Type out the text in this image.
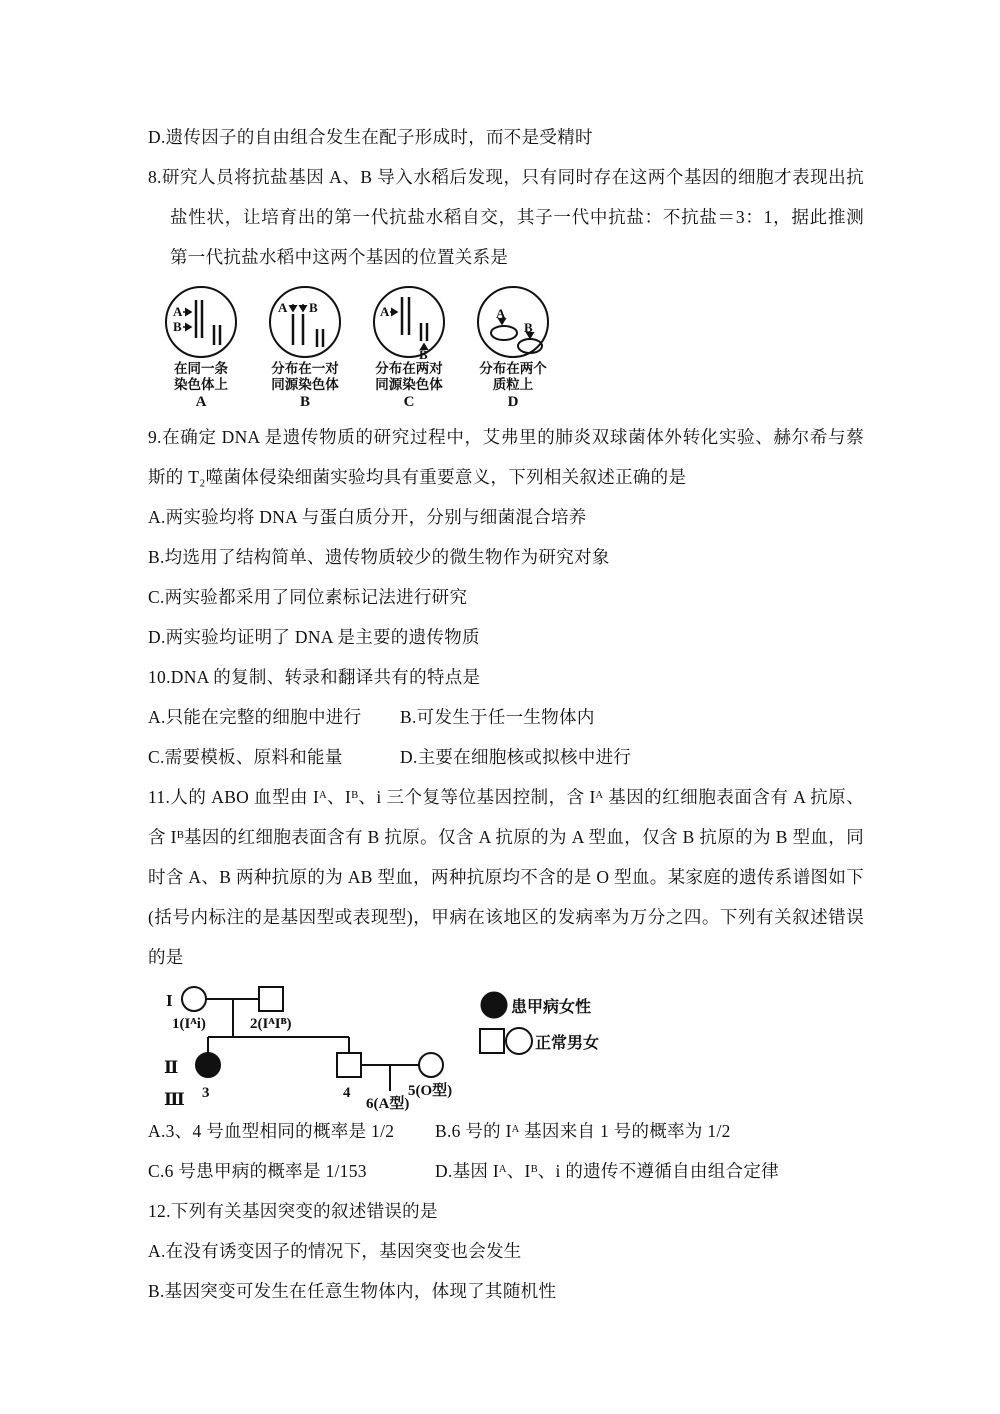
D.遗传因子的自由组合发生在配子形成时，而不是受精时

8.研究人员将抗盐基因 A、B 导入水稻后发现，只有同时存在这两个基因的细胞才表现出抗盐性状，让培育出的第一代抗盐水稻自交，其子一代中抗盐：不抗盐＝3：1，据此推测第一代抗盐水稻中这两个基因的位置关系是

A
B
在同一条
染色体上
A
A B
分布在一对
同源染色体
B
A
B
分布在两对
同源染色体
C
A
B
分布在两个
质粒上
D

9.在确定 DNA 是遗传物质的研究过程中，艾弗里的肺炎双球菌体外转化实验、赫尔希与蔡斯的 T₂噬菌体侵染细菌实验均具有重要意义，下列相关叙述正确的是

A.两实验均将 DNA 与蛋白质分开，分别与细菌混合培养

B.均选用了结构简单、遗传物质较少的微生物作为研究对象

C.两实验都采用了同位素标记法进行研究

D.两实验均证明了 DNA 是主要的遗传物质

10.DNA 的复制、转录和翻译共有的特点是

A.只能在完整的细胞中进行	B.可发生于任一生物体内
C.需要模板、原料和能量	D.主要在细胞核或拟核中进行

11.人的 ABO 血型由 Iᴬ、Iᴮ、i 三个复等位基因控制，含 Iᴬ 基因的红细胞表面含有 A 抗原、含 Iᴮ基因的红细胞表面含有 B 抗原。仅含 A 抗原的为 A 型血，仅含 B 抗原的为 B 型血，同时含 A、B 两种抗原的为 AB 型血，两种抗原均不含的是 O 型血。某家庭的遗传系谱图如下(括号内标注的是基因型或表现型)，甲病在该地区的发病率为万分之四。下列有关叙述错误的是

I
Ⅱ
Ⅲ
1(Iᴬi)	2(IᴬIᴮ)
3	4	5(O型)
6(A型)
患甲病女性
正常男女
A.3、4 号血型相同的概率是 1/2	B.6 号的 Iᴬ 基因来自 1 号的概率为 1/2
C.6 号患甲病的概率是 1/153	D.基因 Iᴬ、Iᴮ、i 的遗传不遵循自由组合定律

12.下列有关基因突变的叙述错误的是

A.在没有诱变因子的情况下，基因突变也会发生

B.基因突变可发生在任意生物体内，体现了其随机性
